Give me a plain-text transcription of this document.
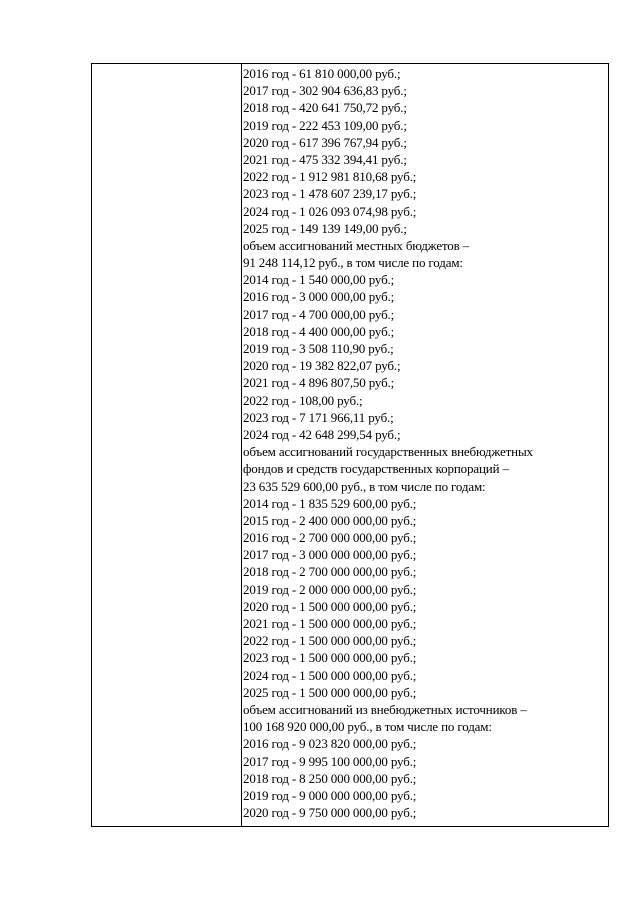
2016 год - 61 810 000,00 руб.;
2017 год - 302 904 636,83 руб.;
2018 год - 420 641 750,72 руб.;
2019 год - 222 453 109,00 руб.;
2020 год - 617 396 767,94 руб.;
2021 год - 475 332 394,41 руб.;
2022 год - 1 912 981 810,68 руб.;
2023 год - 1 478 607 239,17 руб.;
2024 год - 1 026 093 074,98 руб.;
2025 год - 149 139 149,00 руб.;
объем ассигнований местных бюджетов –
91 248 114,12 руб., в том числе по годам:
2014 год - 1 540 000,00 руб.;
2016 год - 3 000 000,00 руб.;
2017 год - 4 700 000,00 руб.;
2018 год - 4 400 000,00 руб.;
2019 год - 3 508 110,90 руб.;
2020 год - 19 382 822,07 руб.;
2021 год - 4 896 807,50 руб.;
2022 год - 108,00 руб.;
2023 год - 7 171 966,11 руб.;
2024 год - 42 648 299,54 руб.;
объем ассигнований государственных внебюджетных
фондов и средств государственных корпораций –
23 635 529 600,00 руб., в том числе по годам:
2014 год - 1 835 529 600,00 руб.;
2015 год - 2 400 000 000,00 руб.;
2016 год - 2 700 000 000,00 руб.;
2017 год - 3 000 000 000,00 руб.;
2018 год - 2 700 000 000,00 руб.;
2019 год - 2 000 000 000,00 руб.;
2020 год - 1 500 000 000,00 руб.;
2021 год - 1 500 000 000,00 руб.;
2022 год - 1 500 000 000,00 руб.;
2023 год - 1 500 000 000,00 руб.;
2024 год - 1 500 000 000,00 руб.;
2025 год - 1 500 000 000,00 руб.;
объем ассигнований из внебюджетных источников –
100 168 920 000,00 руб., в том числе по годам:
2016 год - 9 023 820 000,00 руб.;
2017 год - 9 995 100 000,00 руб.;
2018 год - 8 250 000 000,00 руб.;
2019 год - 9 000 000 000,00 руб.;
2020 год - 9 750 000 000,00 руб.;
